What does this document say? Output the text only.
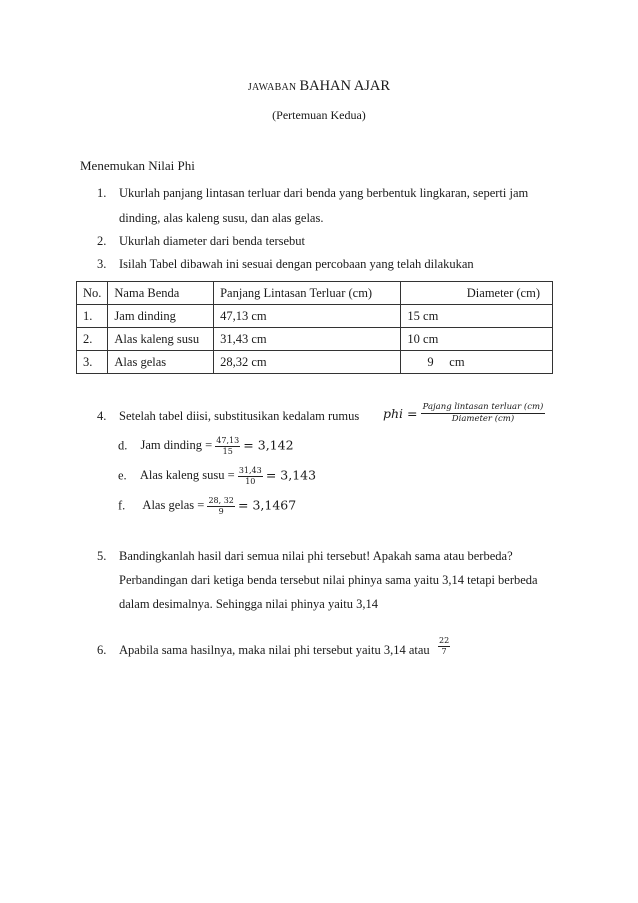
JAWABAN BAHAN AJAR
(Pertemuan Kedua)
Menemukan Nilai Phi
1. Ukurlah panjang lintasan terluar dari benda yang berbentuk lingkaran, seperti jam
dinding, alas kaleng susu, dan alas gelas.
2. Ukurlah diameter dari benda tersebut
3. Isilah Tabel dibawah ini sesuai dengan percobaan yang telah dilakukan
No.	Nama Benda	Panjang Lintasan Terluar (cm)	Diameter (cm)
1.	Jam dinding	47,13 cm	15 cm
2.	Alas kaleng susu	31,43 cm	10 cm
3.	Alas gelas	28,32 cm	9     cm
4. Setelah tabel diisi, substitusikan kedalam rumus phi = Pajang lintasan terluar (cm)
Diameter (cm)
d. Jam dinding = $\frac{47,13}{15} = 3,142$
e. Alas kaleng susu = $\frac{31,43}{10} = 3,143$
f. Alas gelas = $\frac{28, 32}{9} = 3,1467$
5. Bandingkanlah hasil dari semua nilai phi tersebut! Apakah sama atau berbeda?
Perbandingan dari ketiga benda tersebut nilai phinya sama yaitu 3,14 tetapi berbeda
dalam desimalnya. Sehingga nilai phinya yaitu 3,14
6. Apabila sama hasilnya, maka nilai phi tersebut yaitu 3,14 atau $\frac{22}{7}$
